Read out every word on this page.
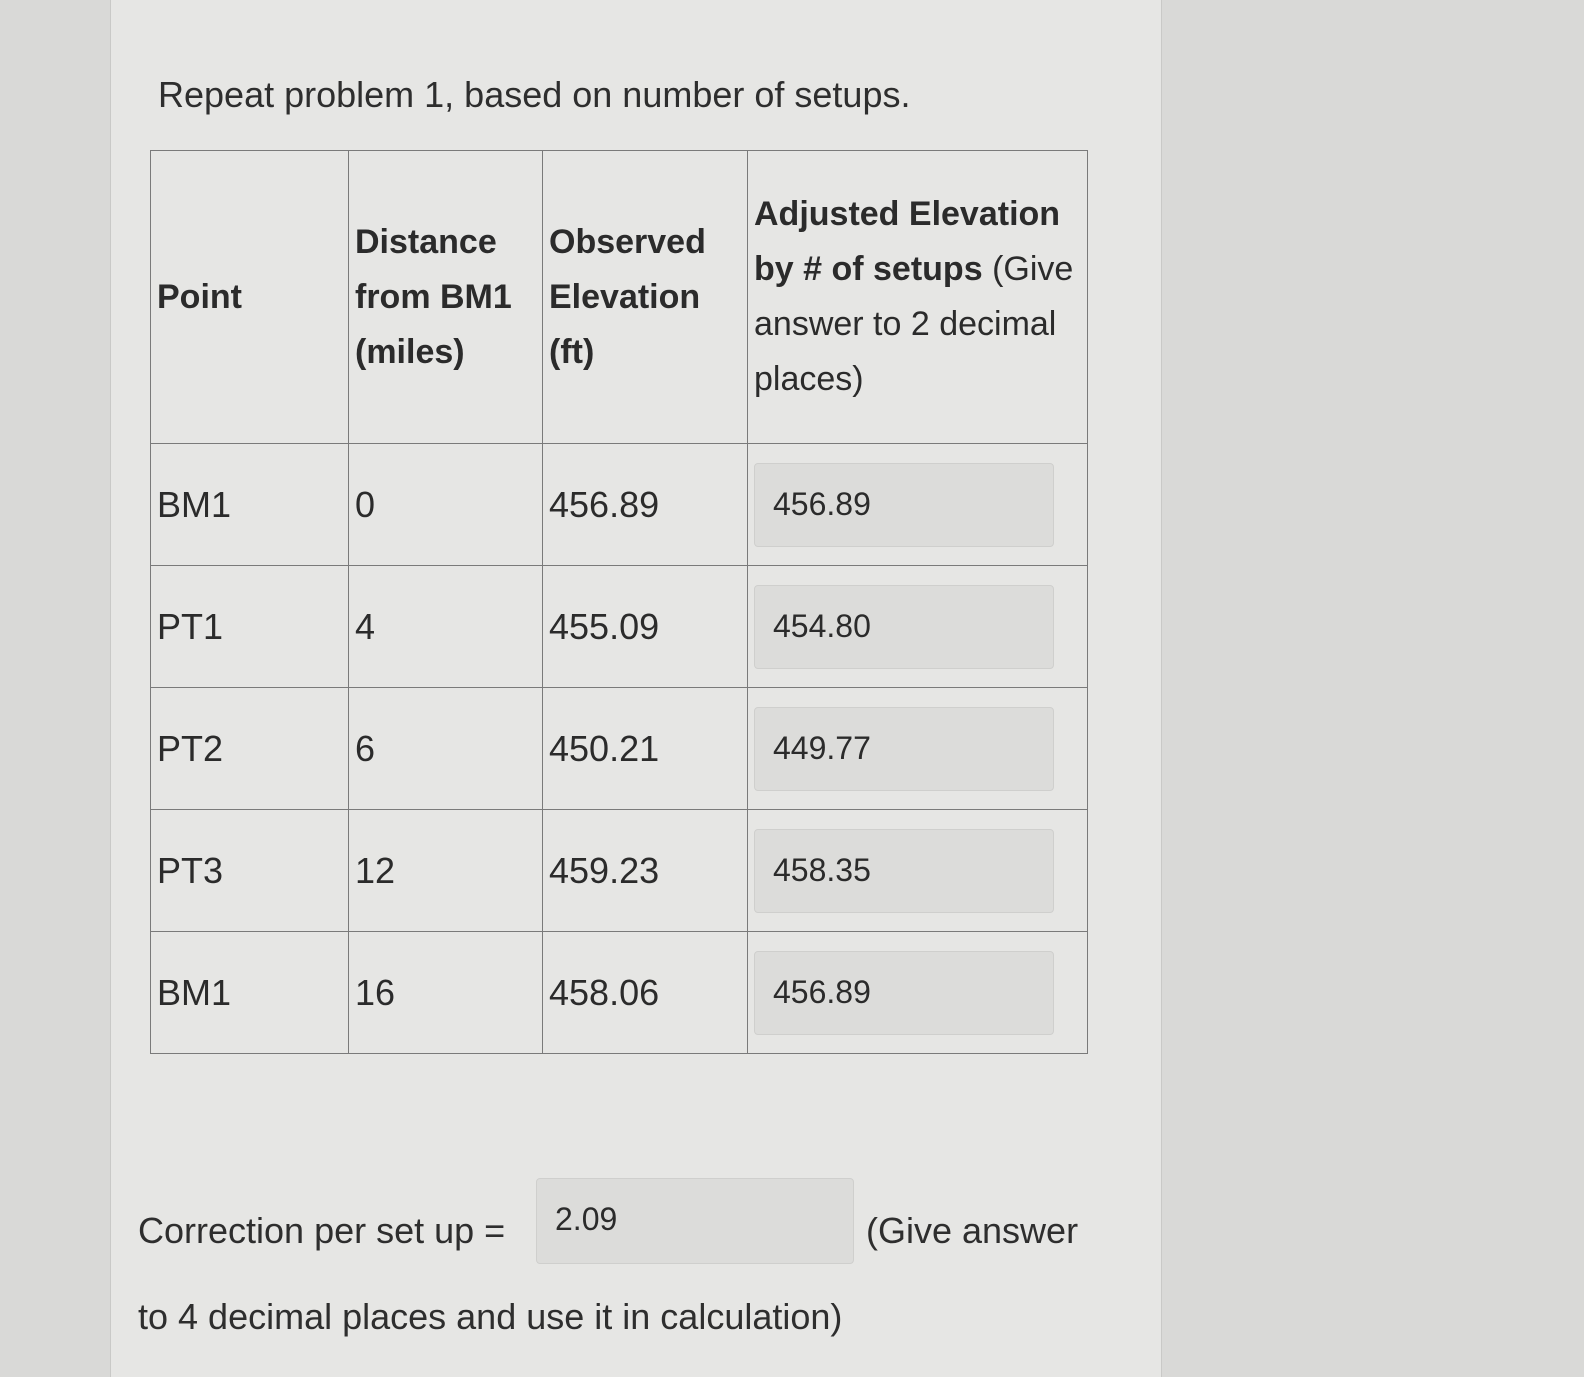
Repeat problem 1, based on number of setups.

Point	Distance from BM1 (miles)	Observed Elevation (ft)	Adjusted Elevation by # of setups (Give answer to 2 decimal places)
BM1	0	456.89	456.89

PT1	4	455.09	454.80

PT2	6	450.21	449.77

PT3	12	459.23	458.35

BM1	16	458.06	456.89
Correction per set up =	2.09	(Give answer
to 4 decimal places and use it in calculation)
